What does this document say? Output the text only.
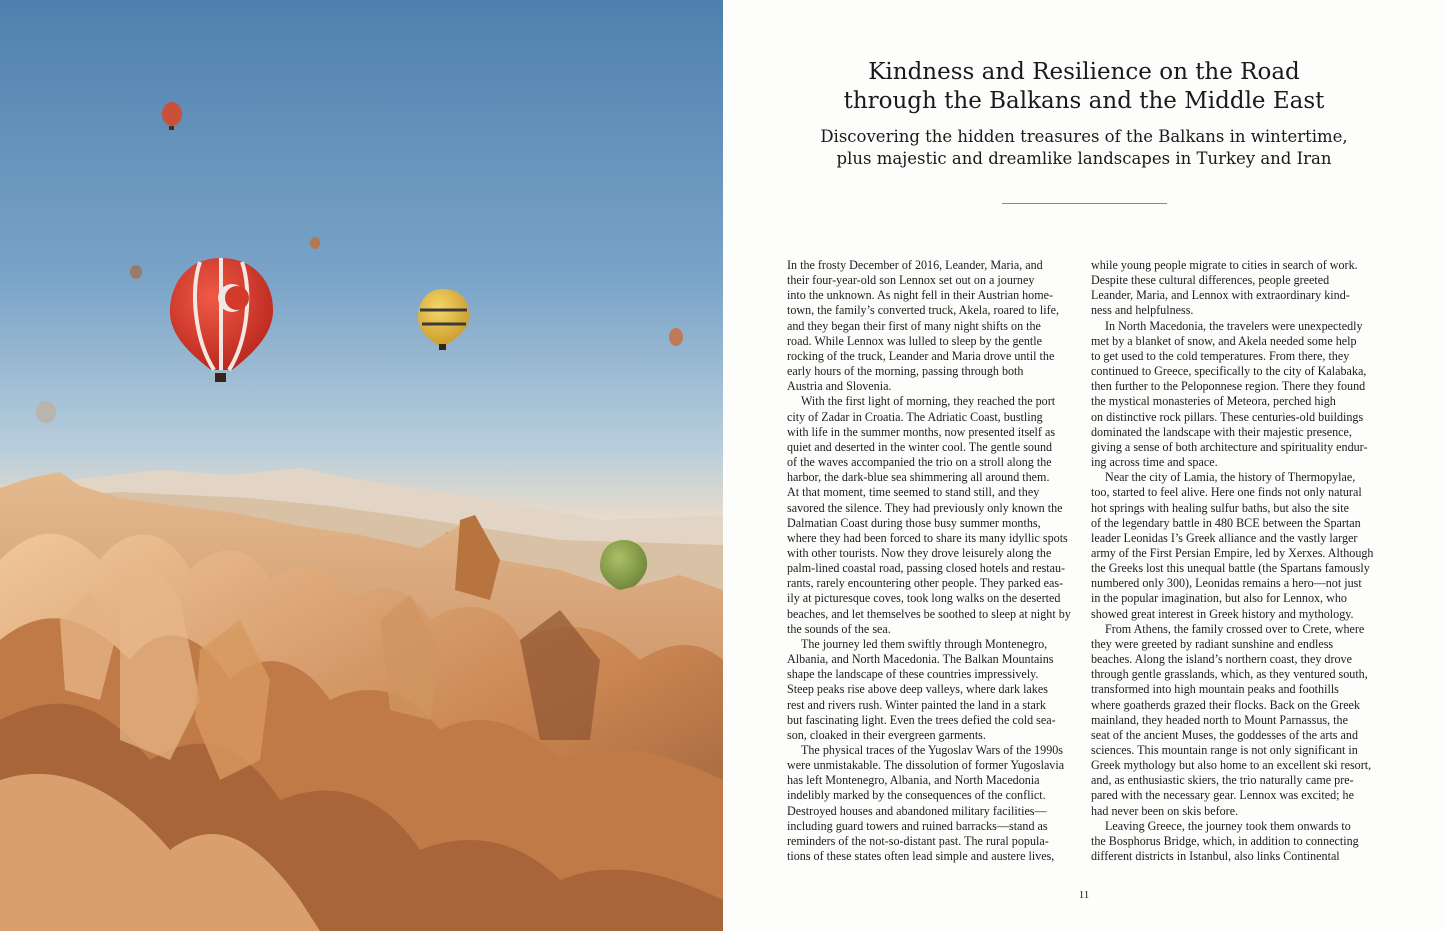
Kindness and Resilience on the Road
through the Balkans and the Middle East
Discovering the hidden treasures of the Balkans in wintertime,
plus majestic and dreamlike landscapes in Turkey and Iran
In the frosty December of 2016, Leander, Maria, and
their four-year-old son Lennox set out on a journey
into the unknown. As night fell in their Austrian home-
town, the family’s converted truck, Akela, roared to life,
and they began their first of many night shifts on the
road. While Lennox was lulled to sleep by the gentle
rocking of the truck, Leander and Maria drove until the
early hours of the morning, passing through both
Austria and Slovenia.
With the first light of morning, they reached the port
city of Zadar in Croatia. The Adriatic Coast, bustling
with life in the summer months, now presented itself as
quiet and deserted in the winter cool. The gentle sound
of the waves accompanied the trio on a stroll along the
harbor, the dark-blue sea shimmering all around them.
At that moment, time seemed to stand still, and they
savored the silence. They had previously only known the
Dalmatian Coast during those busy summer months,
where they had been forced to share its many idyllic spots
with other tourists. Now they drove leisurely along the
palm-lined coastal road, passing closed hotels and restau-
rants, rarely encountering other people. They parked eas-
ily at picturesque coves, took long walks on the deserted
beaches, and let themselves be soothed to sleep at night by
the sounds of the sea.
The journey led them swiftly through Montenegro,
Albania, and North Macedonia. The Balkan Mountains
shape the landscape of these countries impressively.
Steep peaks rise above deep valleys, where dark lakes
rest and rivers rush. Winter painted the land in a stark
but fascinating light. Even the trees defied the cold sea-
son, cloaked in their evergreen garments.
The physical traces of the Yugoslav Wars of the 1990s
were unmistakable. The dissolution of former Yugoslavia
has left Montenegro, Albania, and North Macedonia
indelibly marked by the consequences of the conflict.
Destroyed houses and abandoned military facilities—
including guard towers and ruined barracks—stand as
reminders of the not-so-distant past. The rural popula-
tions of these states often lead simple and austere lives,
while young people migrate to cities in search of work.
Despite these cultural differences, people greeted
Leander, Maria, and Lennox with extraordinary kind-
ness and helpfulness.
In North Macedonia, the travelers were unexpectedly
met by a blanket of snow, and Akela needed some help
to get used to the cold temperatures. From there, they
continued to Greece, specifically to the city of Kalabaka,
then further to the Peloponnese region. There they found
the mystical monasteries of Meteora, perched high
on distinctive rock pillars. These centuries-old buildings
dominated the landscape with their majestic presence,
giving a sense of both architecture and spirituality endur-
ing across time and space.
Near the city of Lamia, the history of Thermopylae,
too, started to feel alive. Here one finds not only natural
hot springs with healing sulfur baths, but also the site
of the legendary battle in 480 BCE between the Spartan
leader Leonidas I’s Greek alliance and the vastly larger
army of the First Persian Empire, led by Xerxes. Although
the Greeks lost this unequal battle (the Spartans famously
numbered only 300), Leonidas remains a hero—not just
in the popular imagination, but also for Lennox, who
showed great interest in Greek history and mythology.
From Athens, the family crossed over to Crete, where
they were greeted by radiant sunshine and endless
beaches. Along the island’s northern coast, they drove
through gentle grasslands, which, as they ventured south,
transformed into high mountain peaks and foothills
where goatherds grazed their flocks. Back on the Greek
mainland, they headed north to Mount Parnassus, the
seat of the ancient Muses, the goddesses of the arts and
sciences. This mountain range is not only significant in
Greek mythology but also home to an excellent ski resort,
and, as enthusiastic skiers, the trio naturally came pre-
pared with the necessary gear. Lennox was excited; he
had never been on skis before.
Leaving Greece, the journey took them onwards to
the Bosphorus Bridge, which, in addition to connecting
different districts in Istanbul, also links Continental
11
